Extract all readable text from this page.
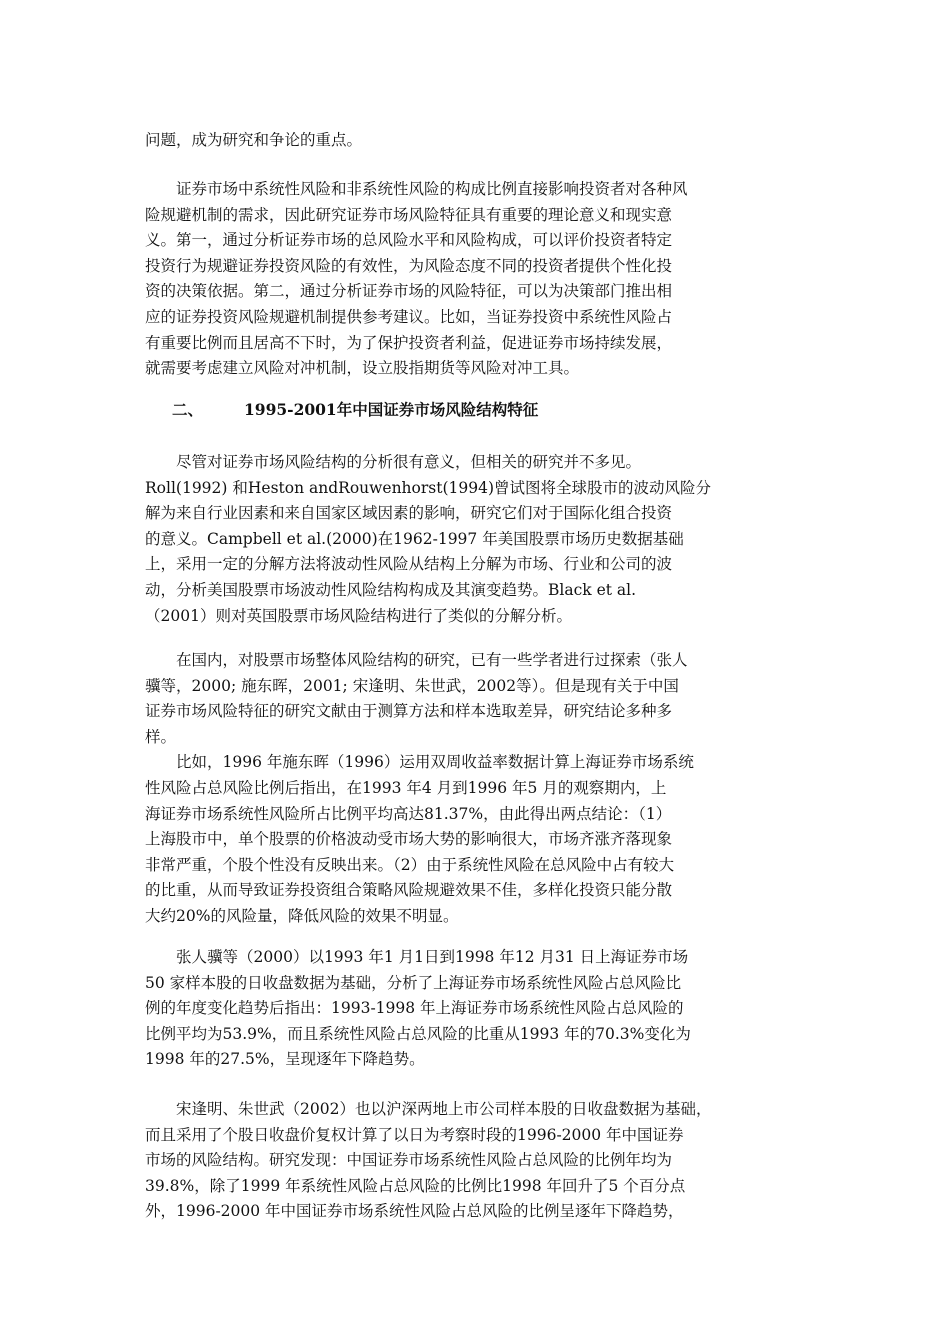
问题，成为研究和争论的重点。
　　证券市场中系统性风险和非系统性风险的构成比例直接影响投资者对各种风
险规避机制的需求，因此研究证券市场风险特征具有重要的理论意义和现实意
义。第一，通过分析证券市场的总风险水平和风险构成，可以评价投资者特定
投资行为规避证券投资风险的有效性，为风险态度不同的投资者提供个性化投
资的决策依据。第二，通过分析证券市场的风险特征，可以为决策部门推出相
应的证券投资风险规避机制提供参考建议。比如，当证券投资中系统性风险占
有重要比例而且居高不下时，为了保护投资者利益，促进证券市场持续发展，
就需要考虑建立风险对冲机制，设立股指期货等风险对冲工具。
二、	1995-2001年中国证券市场风险结构特征
　　尽管对证券市场风险结构的分析很有意义，但相关的研究并不多见。
Roll(1992) 和Heston andRouwenhorst(1994)曾试图将全球股市的波动风险分
解为来自行业因素和来自国家区域因素的影响，研究它们对于国际化组合投资
的意义。Campbell et al.(2000)在1962-1997 年美国股票市场历史数据基础
上，采用一定的分解方法将波动性风险从结构上分解为市场、行业和公司的波
动，分析美国股票市场波动性风险结构构成及其演变趋势。Black et al.
（2001）则对英国股票市场风险结构进行了类似的分解分析。
　　在国内，对股票市场整体风险结构的研究，已有一些学者进行过探索（张人
骥等，2000; 施东晖，2001; 宋逢明、朱世武，2002等）。但是现有关于中国
证券市场风险特征的研究文献由于测算方法和样本选取差异，研究结论多种多
样。
　　比如，1996 年施东晖（1996）运用双周收益率数据计算上海证券市场系统
性风险占总风险比例后指出，在1993 年4 月到1996 年5 月的观察期内，上
海证券市场系统性风险所占比例平均高达81.37%，由此得出两点结论：（1）
上海股市中，单个股票的价格波动受市场大势的影响很大，市场齐涨齐落现象
非常严重，个股个性没有反映出来。（2）由于系统性风险在总风险中占有较大
的比重，从而导致证券投资组合策略风险规避效果不佳，多样化投资只能分散
大约20%的风险量，降低风险的效果不明显。
　　张人骥等（2000）以1993 年1 月1日到1998 年12 月31 日上海证券市场
50 家样本股的日收盘数据为基础，分析了上海证券市场系统性风险占总风险比
例的年度变化趋势后指出：1993-1998 年上海证券市场系统性风险占总风险的
比例平均为53.9%，而且系统性风险占总风险的比重从1993 年的70.3%变化为
1998 年的27.5%，呈现逐年下降趋势。
　　宋逢明、朱世武（2002）也以沪深两地上市公司样本股的日收盘数据为基础，
而且采用了个股日收盘价复权计算了以日为考察时段的1996-2000 年中国证券
市场的风险结构。研究发现：中国证券市场系统性风险占总风险的比例年均为
39.8%，除了1999 年系统性风险占总风险的比例比1998 年回升了5 个百分点
外，1996-2000 年中国证券市场系统性风险占总风险的比例呈逐年下降趋势，
